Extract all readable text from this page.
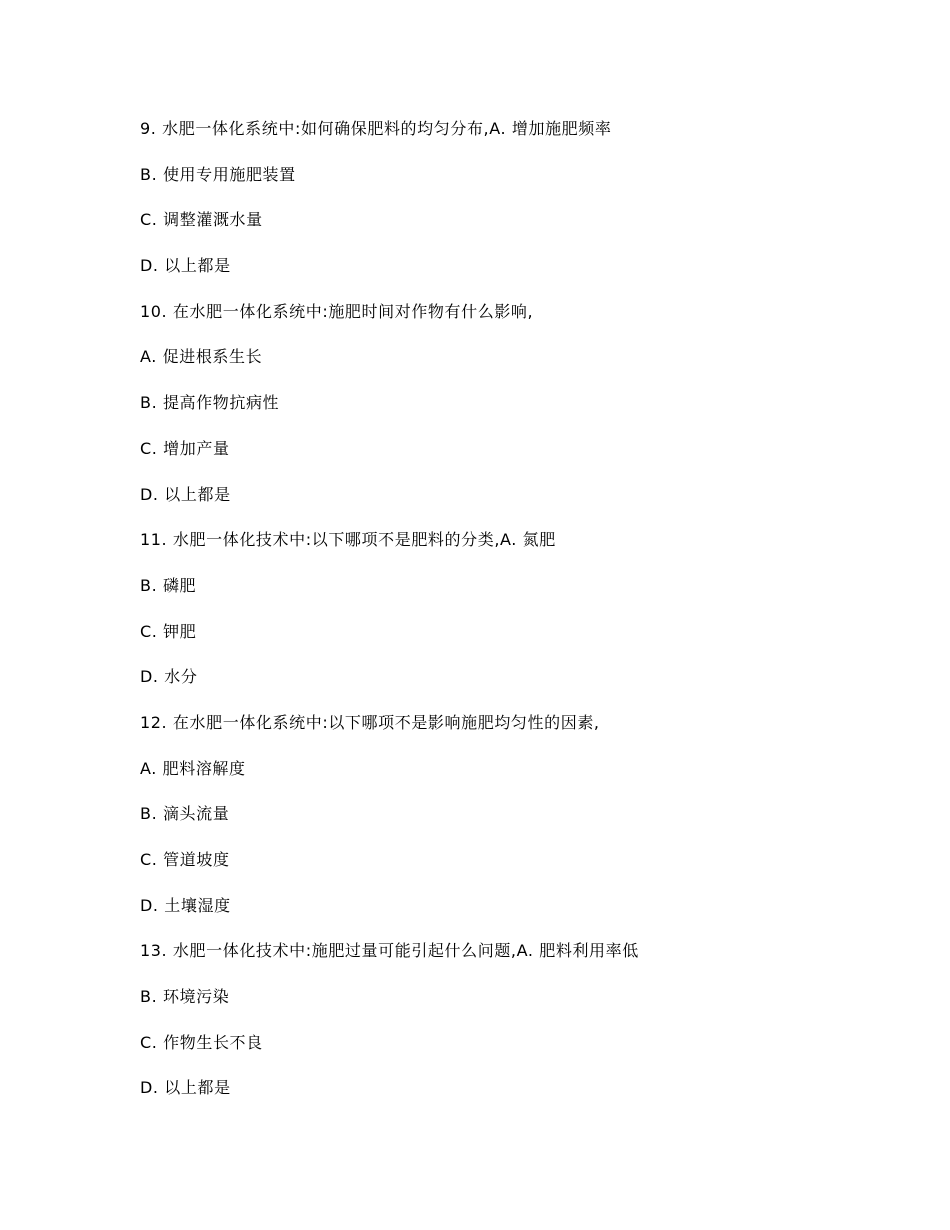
9. 水肥一体化系统中:如何确保肥料的均匀分布,A. 增加施肥频率
B. 使用专用施肥装置
C. 调整灌溉水量
D. 以上都是
10. 在水肥一体化系统中:施肥时间对作物有什么影响,
A. 促进根系生长
B. 提高作物抗病性
C. 增加产量
D. 以上都是
11. 水肥一体化技术中:以下哪项不是肥料的分类,A. 氮肥
B. 磷肥
C. 钾肥
D. 水分
12. 在水肥一体化系统中:以下哪项不是影响施肥均匀性的因素,
A. 肥料溶解度
B. 滴头流量
C. 管道坡度
D. 土壤湿度
13. 水肥一体化技术中:施肥过量可能引起什么问题,A. 肥料利用率低
B. 环境污染
C. 作物生长不良
D. 以上都是
